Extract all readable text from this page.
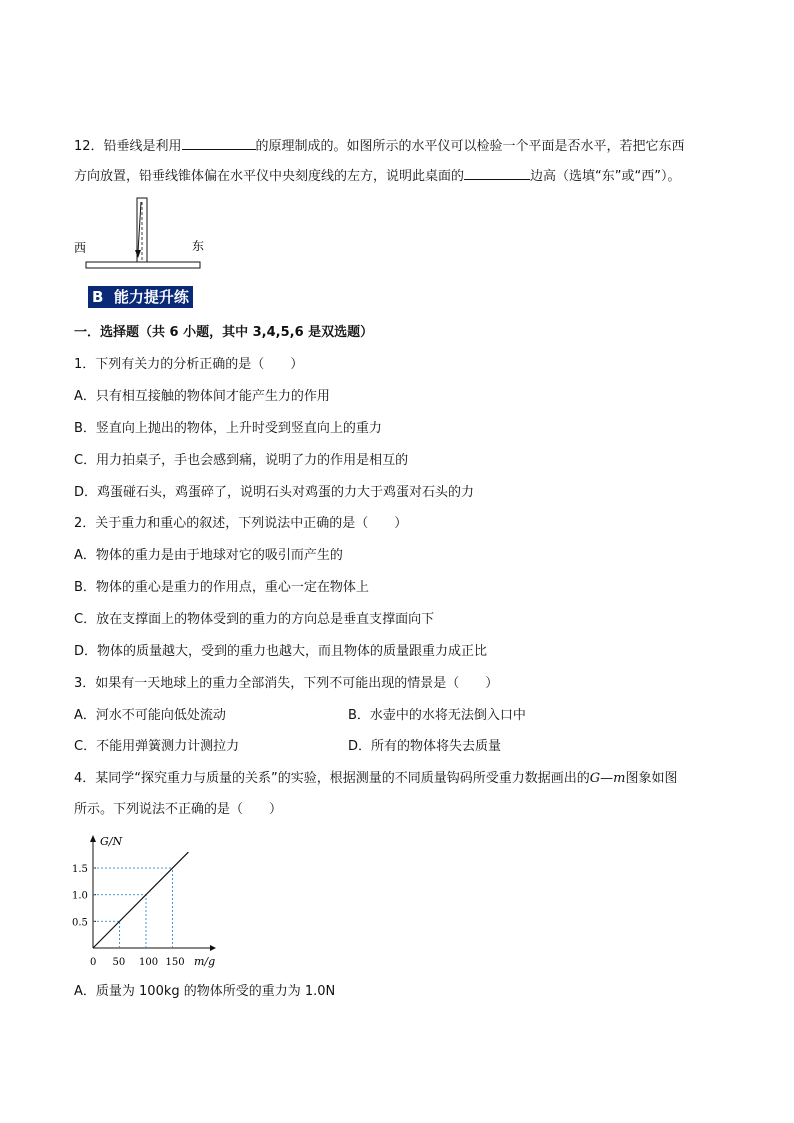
12．铅垂线是利用	的原理制成的。如图所示的水平仪可以检验一个平面是否水平，若把它东西
方向放置，铅垂线锥体偏在水平仪中央刻度线的左方，说明此桌面的	边高（选填“东”或“西”）。
西	东
B 能力提升练
一．选择题（共 6 小题，其中 3,4,5,6 是双选题）
1．下列有关力的分析正确的是（　　）
A．只有相互接触的物体间才能产生力的作用
B．竖直向上抛出的物体，上升时受到竖直向上的重力
C．用力拍桌子，手也会感到痛，说明了力的作用是相互的
D．鸡蛋碰石头，鸡蛋碎了，说明石头对鸡蛋的力大于鸡蛋对石头的力
2．关于重力和重心的叙述，下列说法中正确的是（　　）
A．物体的重力是由于地球对它的吸引而产生的
B．物体的重心是重力的作用点，重心一定在物体上
C．放在支撑面上的物体受到的重力的方向总是垂直支撑面向下
D．物体的质量越大，受到的重力也越大，而且物体的质量跟重力成正比
3．如果有一天地球上的重力全部消失，下列不可能出现的情景是（　　）
A．河水不可能向低处流动	B．水壶中的水将无法倒入口中
C．不能用弹簧测力计测拉力	D．所有的物体将失去质量
4．某同学“探究重力与质量的关系”的实验，根据测量的不同质量钩码所受重力数据画出的G—m图象如图
所示。下列说法不正确的是（　　）
G/N
m/g
0 50 100 150
0.5
1.0
1.5
A．质量为 100kg 的物体所受的重力为 1.0N
